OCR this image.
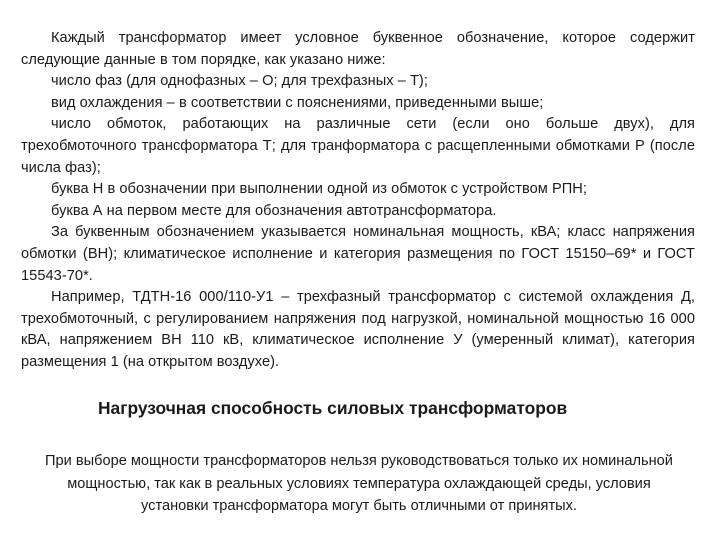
Каждый трансформатор имеет условное буквенное обозначение, которое содержит следующие данные в том порядке, как указано ниже:

число фаз (для однофазных – О; для трехфазных – Т);

вид охлаждения – в соответствии с пояснениями, приведенными выше;

число обмоток, работающих на различные сети (если оно больше двух), для трехобмоточного трансформатора Т; для транформатора с расщепленными обмотками Р (после числа фаз);

буква Н в обозначении при выполнении одной из обмоток с устройством РПН;

буква А на первом месте для обозначения автотрансформатора.

За буквенным обозначением указывается номинальная мощность, кВА; класс напряжения обмотки (ВН); климатическое исполнение и категория размещения по ГОСТ 15150–69* и ГОСТ 15543-70*.

Например, ТДТН-16 000/110-У1 – трехфазный трансформатор с системой охлаждения Д, трехобмоточный, с регулированием напряжения под нагрузкой, номинальной мощностью 16 000 кВА, напряжением ВН 110 кВ, климатическое исполнение У (умеренный климат), категория размещения 1 (на открытом воздухе).

Нагрузочная способность силовых трансформаторов

При выборе мощности трансформаторов нельзя руководствоваться только их номинальной мощностью, так как в реальных условиях температура охлаждающей среды, условия установки трансформатора могут быть отличными от принятых.
